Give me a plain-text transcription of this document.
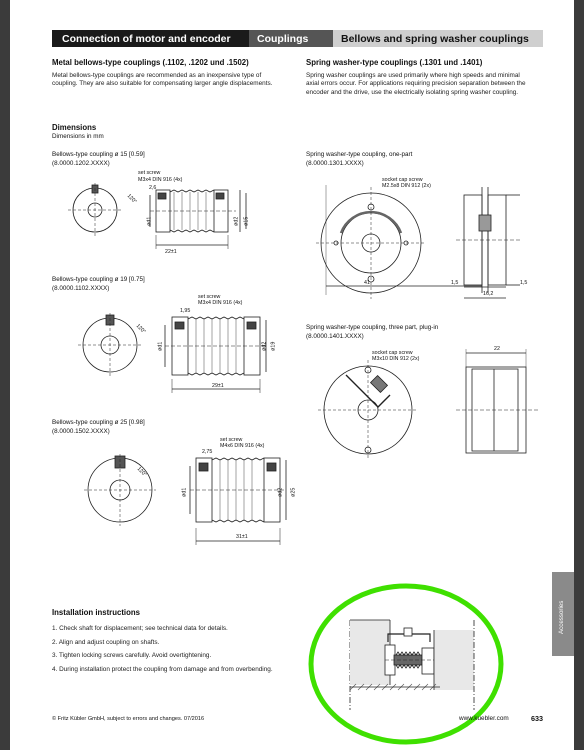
Connection of motor and encoder	Couplings	Bellows and spring washer couplings
Metal bellows-type couplings (.1102, .1202 und .1502)
Metal bellows-type couplings are recommended as an inexpensive type of
coupling. They are also suitable for compensating larger angle displacements.
Spring washer-type couplings (.1301 und .1401)
Spring washer couplings are used primarily where high speeds and minimal
axial errors occur. For applications requiring precision separation between the
encoder and the drive, use the electrically isolating spring washer coupling.
Dimensions
Dimensions in mm
Bellows-type coupling ø 15 [0.59]
(8.0000.1202.XXXX)
set screw
M3x4 DIN 916 (4x)
2,6
22±1
ød1	ød2 ø15
120°
Bellows-type coupling ø 19 [0.75]
(8.0000.1102.XXXX)
set screw
M3x4 DIN 916 (4x)
1,95
29±1
ød1	ød2 ø19
120°
Bellows-type coupling ø 25 [0.98]
(8.0000.1502.XXXX)
set screw
M4x6 DIN 916 (4x)
2,75
31±1
ød1	ød2 ø25
120°
Spring washer-type coupling, one-part
(8.0000.1301.XXXX)
socket cap screw
M2.5x8 DIN 912 (2x)
41	1,5	1,5
16,2
Spring washer-type coupling, three part, plug-in
(8.0000.1401.XXXX)
socket cap screw
M3x10 DIN 912 (2x)
22
Installation instructions
1. Check shaft for displacement; see technical data for details.
2. Align and adjust coupling on shafts.
3. Tighten locking screws carefully. Avoid overtightening.
4. During installation protect the coupling from damage and from overbending.
© Fritz Kübler GmbH, subject to errors and changes. 07/2016	www.kuebler.com	633
Accessories
